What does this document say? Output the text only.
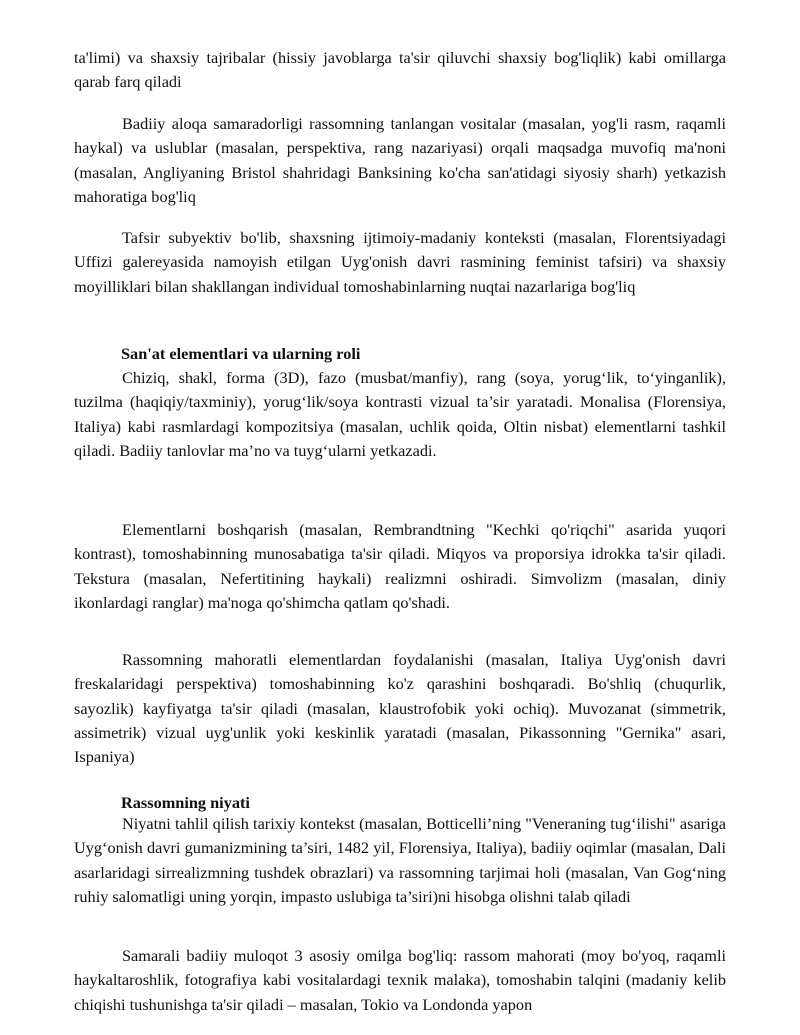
ta'limi) va shaxsiy tajribalar (hissiy javoblarga ta'sir qiluvchi shaxsiy bog'liqlik) kabi omillarga qarab farq qiladi

Badiiy aloqa samaradorligi rassomning tanlangan vositalar (masalan, yog'li rasm, raqamli haykal) va uslublar (masalan, perspektiva, rang nazariyasi) orqali maqsadga muvofiq ma'noni (masalan, Angliyaning Bristol shahridagi Banksining ko'cha san'atidagi siyosiy sharh) yetkazish mahoratiga bog'liq

Tafsir subyektiv bo'lib, shaxsning ijtimoiy-madaniy konteksti (masalan, Florentsiyadagi Uffizi galereyasida namoyish etilgan Uyg'onish davri rasmining feminist tafsiri) va shaxsiy moyilliklari bilan shakllangan individual tomoshabinlarning nuqtai nazarlariga bog'liq

San'at elementlari va ularning roli

Chiziq, shakl, forma (3D), fazo (musbat/manfiy), rang (soya, yorug‘lik, to‘yinganlik), tuzilma (haqiqiy/taxminiy), yorug‘lik/soya kontrasti vizual ta’sir yaratadi. Monalisa (Florensiya, Italiya) kabi rasmlardagi kompozitsiya (masalan, uchlik qoida, Oltin nisbat) elementlarni tashkil qiladi. Badiiy tanlovlar ma’no va tuyg‘ularni yetkazadi.

Elementlarni boshqarish (masalan, Rembrandtning "Kechki qo'riqchi" asarida yuqori kontrast), tomoshabinning munosabatiga ta'sir qiladi. Miqyos va proporsiya idrokka ta'sir qiladi. Tekstura (masalan, Nefertitining haykali) realizmni oshiradi. Simvolizm (masalan, diniy ikonlardagi ranglar) ma'noga qo'shimcha qatlam qo'shadi.

Rassomning mahoratli elementlardan foydalanishi (masalan, Italiya Uyg'onish davri freskalaridagi perspektiva) tomoshabinning ko'z qarashini boshqaradi. Bo'shliq (chuqurlik, sayozlik) kayfiyatga ta'sir qiladi (masalan, klaustrofobik yoki ochiq). Muvozanat (simmetrik, assimetrik) vizual uyg'unlik yoki keskinlik yaratadi (masalan, Pikassonning "Gernika" asari, Ispaniya)

Rassomning niyati

Niyatni tahlil qilish tarixiy kontekst (masalan, Botticelli’ning "Veneraning tug‘ilishi" asariga Uyg‘onish davri gumanizmining ta’siri, 1482 yil, Florensiya, Italiya), badiiy oqimlar (masalan, Dali asarlaridagi sirrealizmning tushdek obrazlari) va rassomning tarjimai holi (masalan, Van Gog‘ning ruhiy salomatligi uning yorqin, impasto uslubiga ta’siri)ni hisobga olishni talab qiladi

Samarali badiiy muloqot 3 asosiy omilga bog'liq: rassom mahorati (moy bo'yoq, raqamli haykaltaroshlik, fotografiya kabi vositalardagi texnik malaka), tomoshabin talqini (madaniy kelib chiqishi tushunishga ta'sir qiladi – masalan, Tokio va Londonda yapon
